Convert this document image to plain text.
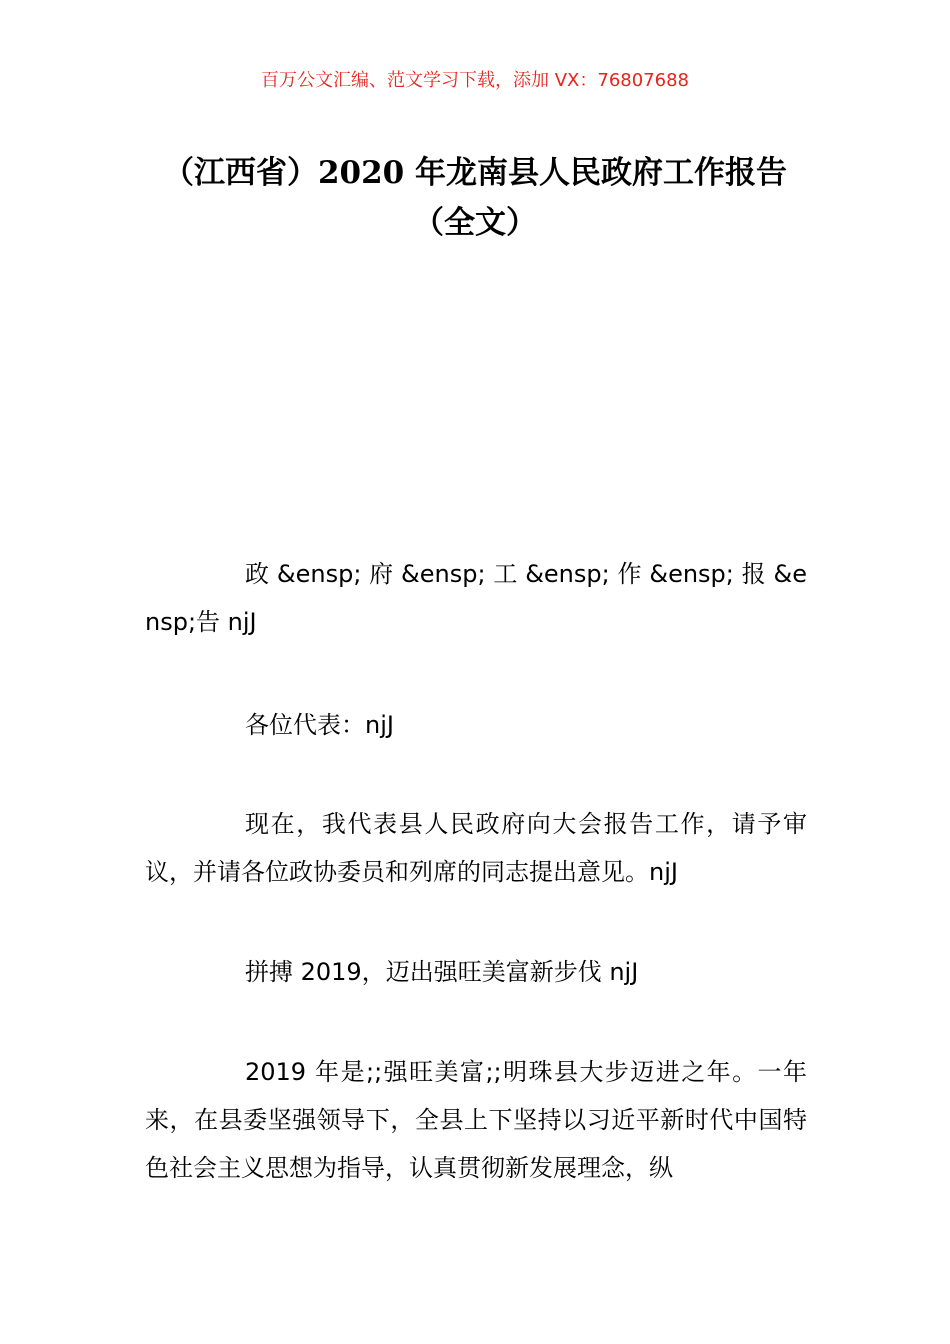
百万公文汇编、范文学习下载，添加 VX：76807688
（江西省）2020 年龙南县人民政府工作报告（全文）
政 &ensp; 府 &ensp; 工 &ensp; 作 &ensp; 报 &ensp;告 njJ
各位代表：njJ
现在，我代表县人民政府向大会报告工作，请予审议，并请各位政协委员和列席的同志提出意见。njJ
拼搏 2019，迈出强旺美富新步伐 njJ
2019 年是;;强旺美富;;明珠县大步迈进之年。一年来，在县委坚强领导下，全县上下坚持以习近平新时代中国特色社会主义思想为指导，认真贯彻新发展理念，纵
